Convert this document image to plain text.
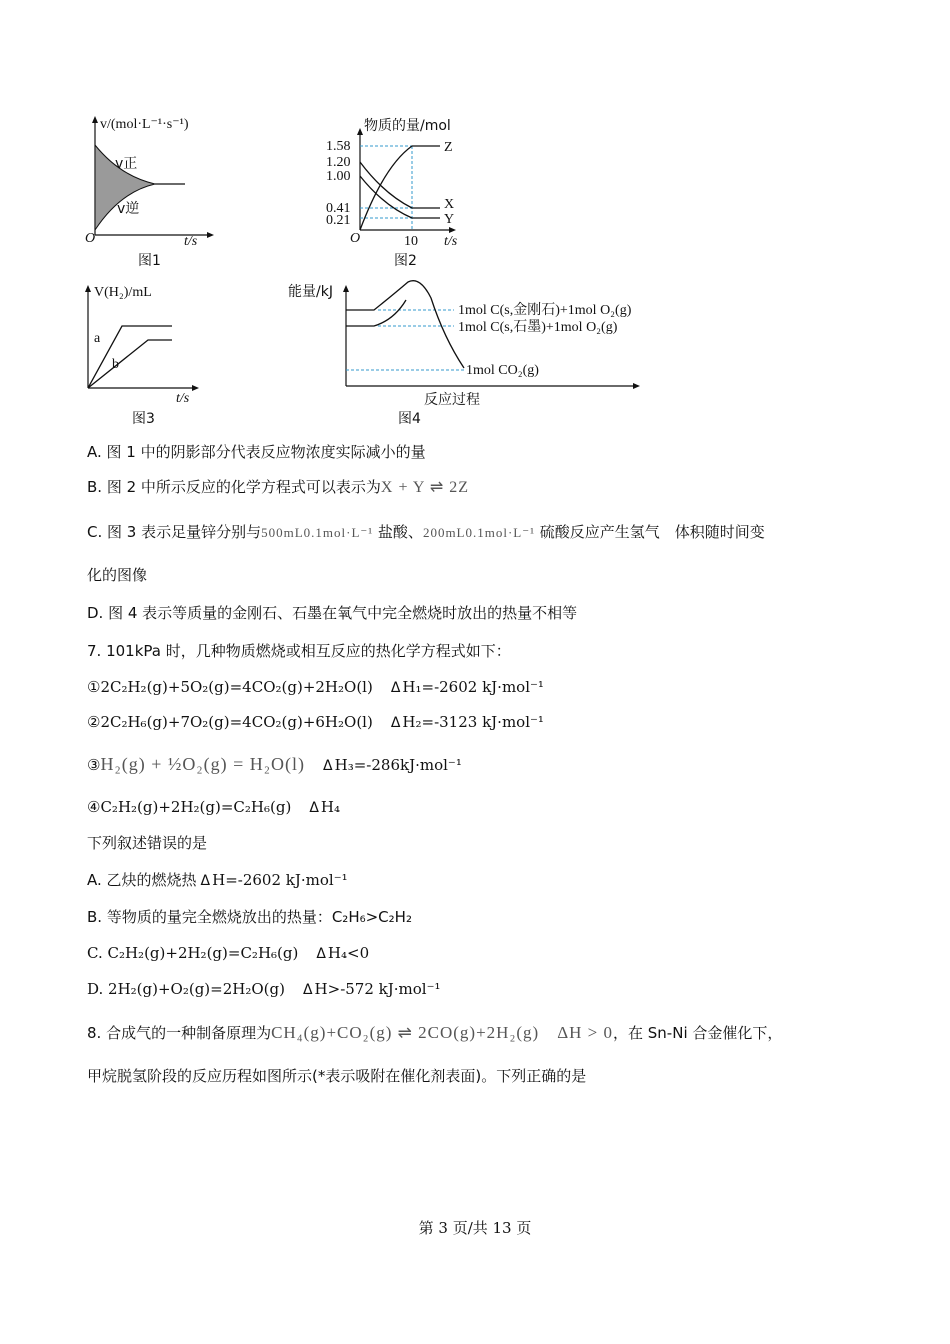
v/(mol·L⁻¹·s⁻¹)
O	t/s
v正
v逆
图1
物质的量/mol
1.58
1.20
1.00
0.41
0.21
O	10 t/s
Z
X
Y
图2
V(H₂)/mL
a
b
t/s
图3
能量/kJ
1mol C(s,金刚石)+1mol O₂(g)
1mol C(s,石墨)+1mol O₂(g)
1mol CO₂(g)
反应过程
图4
A. 图 1 中的阴影部分代表反应物浓度实际减小的量
B. 图 2 中所示反应的化学方程式可以表示为X + Y ⇌ 2Z
C. 图 3 表示足量锌分别与500mL0.1mol·L⁻¹ 盐酸、200mL0.1mol·L⁻¹ 硫酸反应产生氢气　体积随时间变
化的图像
D. 图 4 表示等质量的金刚石、石墨在氧气中完全燃烧时放出的热量不相等
7. 101kPa 时，几种物质燃烧或相互反应的热化学方程式如下：
①2C₂H₂(g)+5O₂(g)=4CO₂(g)+2H₂O(l) Δ H₁=-2602 kJ·mol⁻¹
②2C₂H₆(g)+7O₂(g)=4CO₂(g)+6H₂O(l) Δ H₂=-3123 kJ·mol⁻¹
③H₂(g) + ½O₂(g) = H₂O(l) Δ H₃=-286kJ·mol⁻¹
④C₂H₂(g)+2H₂(g)=C₂H₆(g) Δ H₄
下列叙述错误的是
A. 乙炔的燃烧热 Δ H=-2602 kJ·mol⁻¹
B. 等物质的量完全燃烧放出的热量：C₂H₆>C₂H₂
C. C₂H₂(g)+2H₂(g)=C₂H₆(g) Δ H₄<0
D. 2H₂(g)+O₂(g)=2H₂O(g) Δ H>-572 kJ·mol⁻¹
8. 合成气的一种制备原理为CH₄(g)+CO₂(g) ⇌ 2CO(g)+2H₂(g)　ΔH > 0，在 Sn-Ni 合金催化下，
甲烷脱氢阶段的反应历程如图所示(*表示吸附在催化剂表面)。下列正确的是
第 3 页/共 13 页
